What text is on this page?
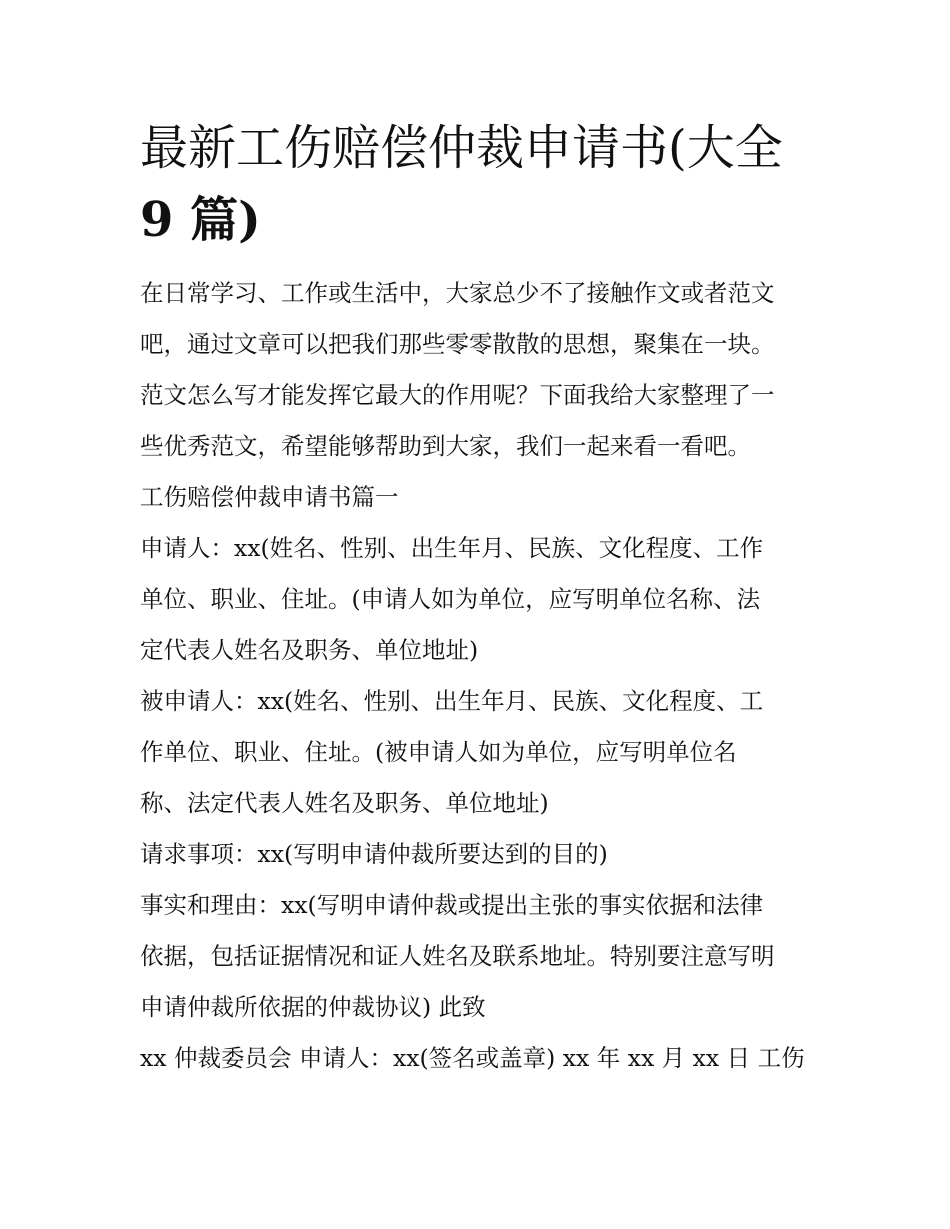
最新工伤赔偿仲裁申请书(大全
9 篇)
在日常学习、工作或生活中，大家总少不了接触作文或者范文
吧，通过文章可以把我们那些零零散散的思想，聚集在一块。
范文怎么写才能发挥它最大的作用呢？下面我给大家整理了一
些优秀范文，希望能够帮助到大家，我们一起来看一看吧。
工伤赔偿仲裁申请书篇一
申请人：xx(姓名、性别、出生年月、民族、文化程度、工作
单位、职业、住址。(申请人如为单位，应写明单位名称、法
定代表人姓名及职务、单位地址)
被申请人：xx(姓名、性别、出生年月、民族、文化程度、工
作单位、职业、住址。(被申请人如为单位，应写明单位名
称、法定代表人姓名及职务、单位地址)
请求事项：xx(写明申请仲裁所要达到的目的)
事实和理由：xx(写明申请仲裁或提出主张的事实依据和法律
依据，包括证据情况和证人姓名及联系地址。特别要注意写明
申请仲裁所依据的仲裁协议) 此致
xx 仲裁委员会 申请人：xx(签名或盖章) xx 年 xx 月 xx 日 工伤
